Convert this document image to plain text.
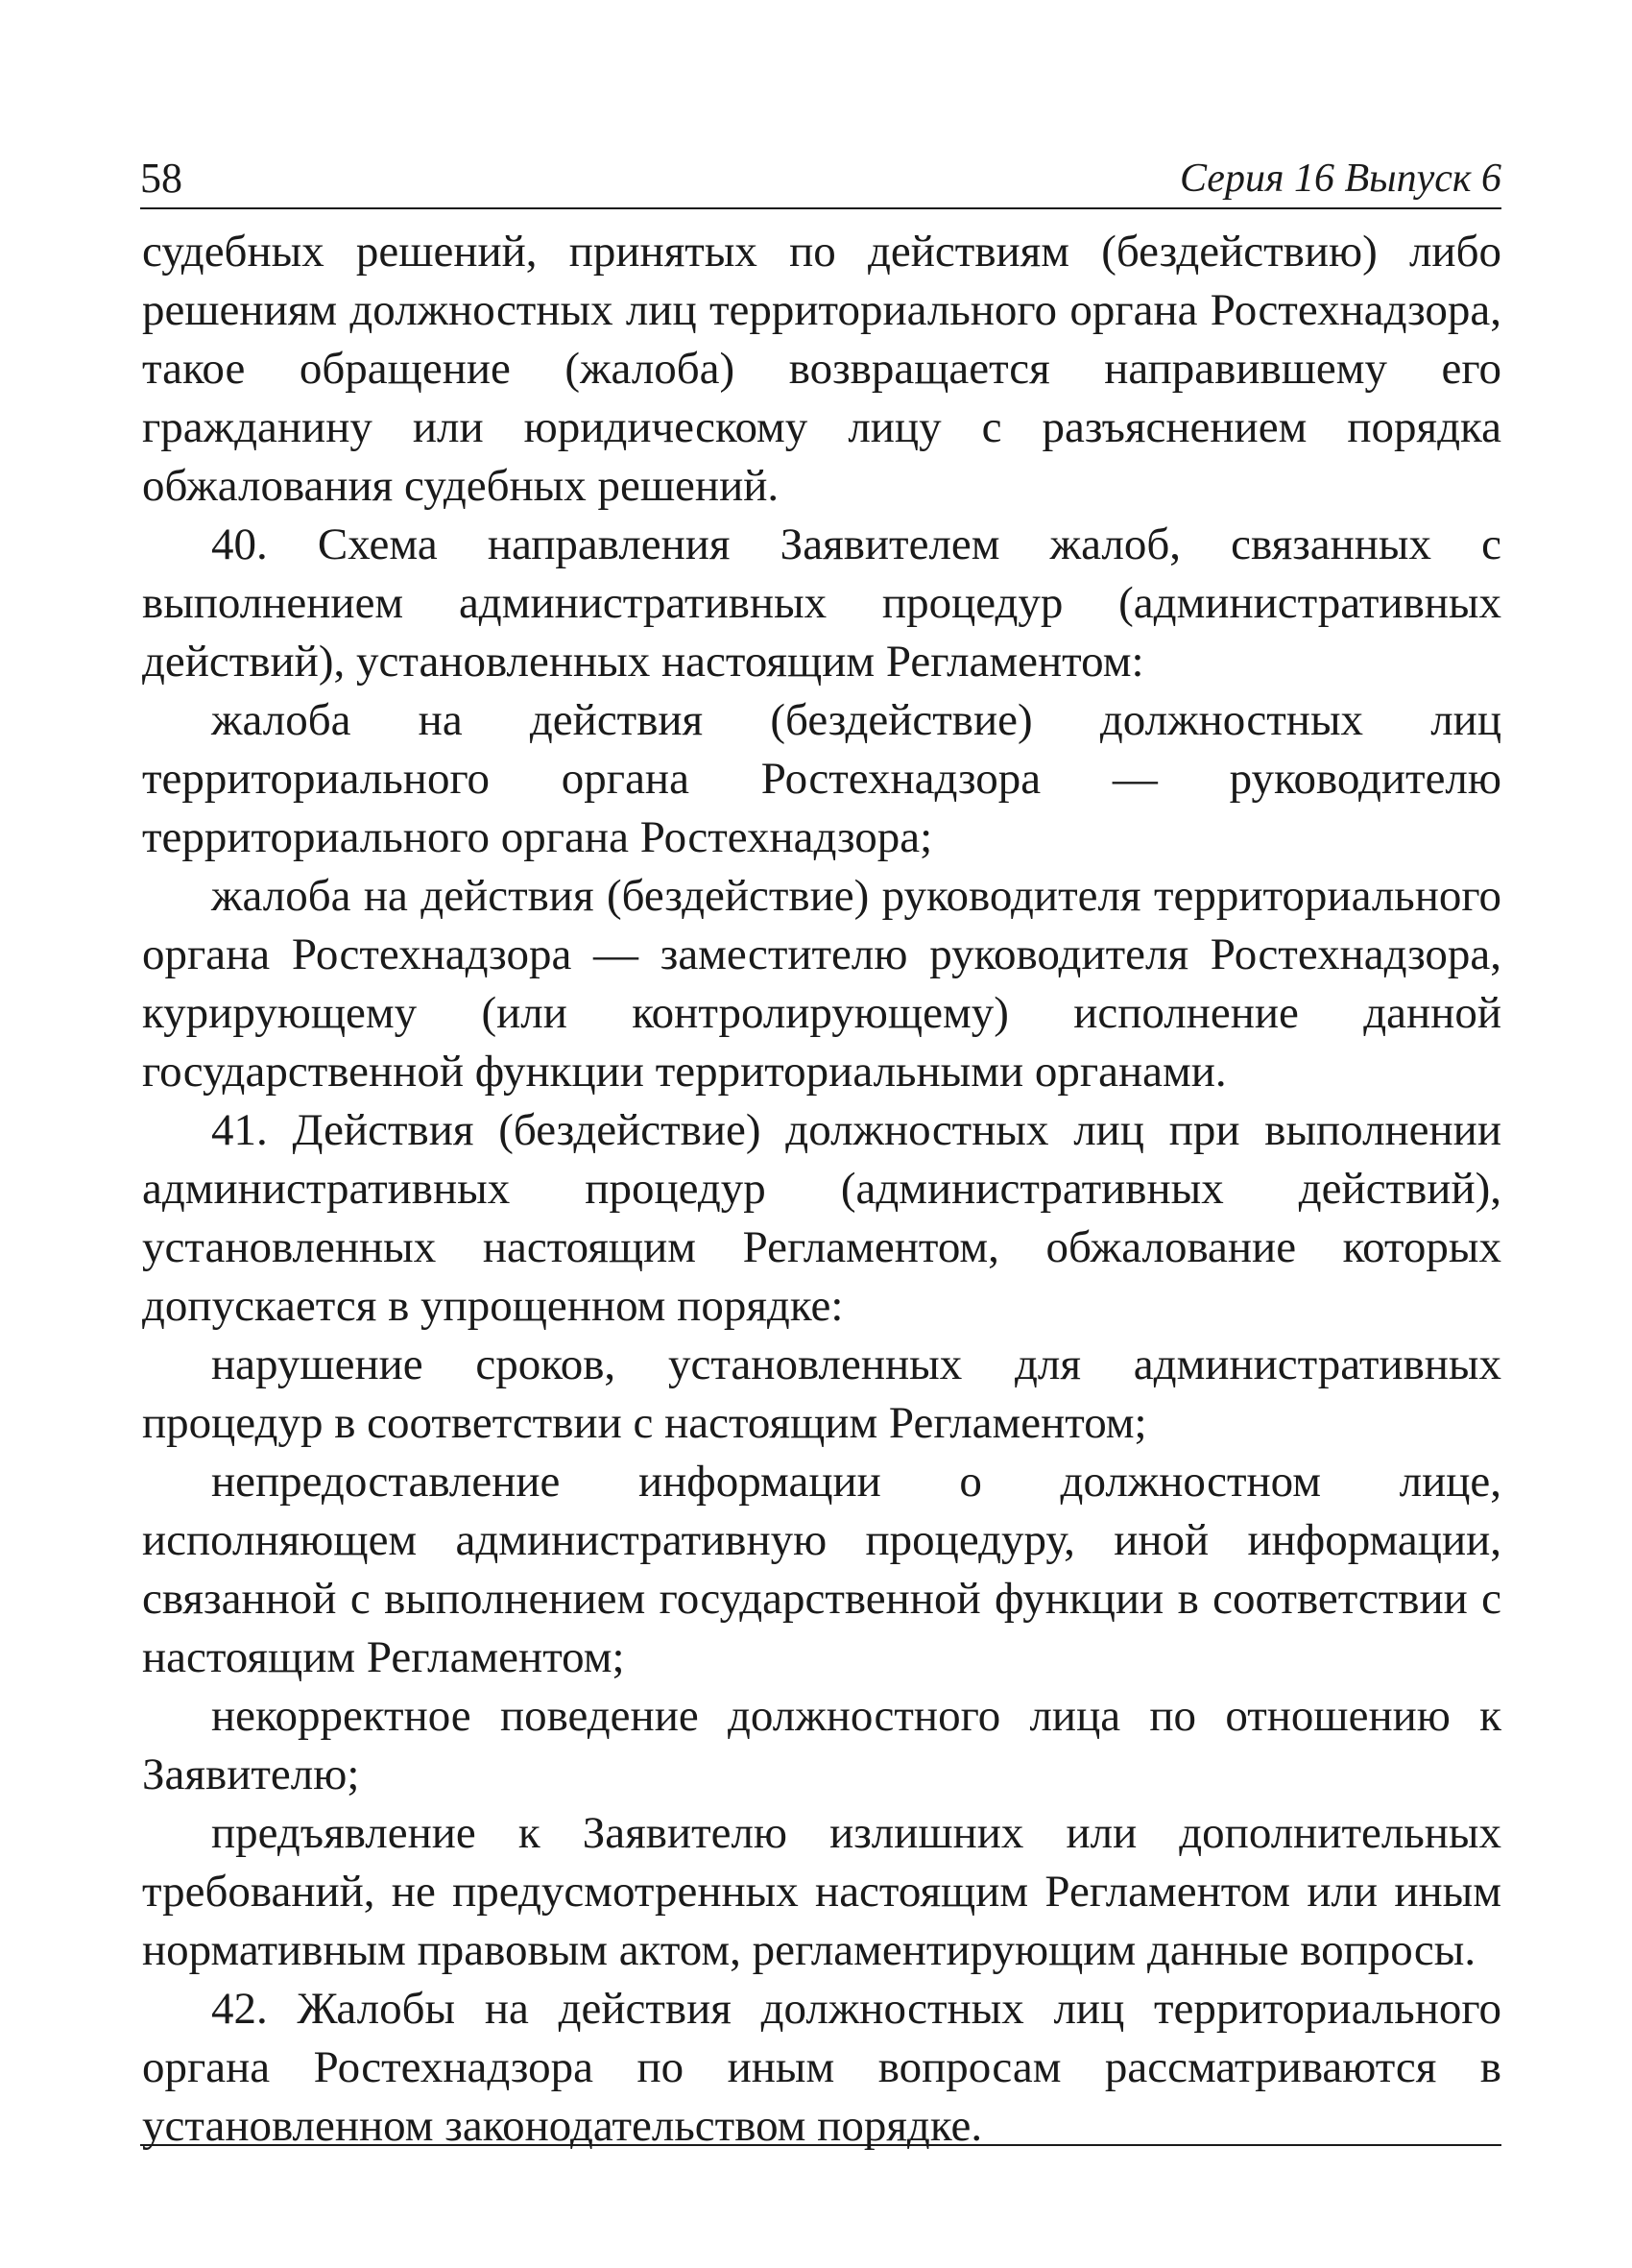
58	Серия 16 Выпуск 6

судебных решений, принятых по действиям (бездействию) либо решениям должностных лиц территориального органа Ростехнадзора, такое обращение (жалоба) возвращается направившему его гражданину или юридическому лицу с разъяснением порядка обжалования судебных решений.

40. Схема направления Заявителем жалоб, связанных с выполнением административных процедур (административных действий), установленных настоящим Регламентом:

жалоба на действия (бездействие) должностных лиц территориального органа Ростехнадзора — руководителю территориального органа Ростехнадзора;

жалоба на действия (бездействие) руководителя территориального органа Ростехнадзора — заместителю руководителя Ростехнадзора, курирующему (или контролирующему) исполнение данной государственной функции территориальными органами.

41. Действия (бездействие) должностных лиц при выполнении административных процедур (административных действий), установленных настоящим Регламентом, обжалование которых допускается в упрощенном порядке:

нарушение сроков, установленных для административных процедур в соответствии с настоящим Регламентом;

непредоставление информации о должностном лице, исполняющем административную процедуру, иной информации, связанной с выполнением государственной функции в соответствии с настоящим Регламентом;

некорректное поведение должностного лица по отношению к Заявителю;

предъявление к Заявителю излишних или дополнительных требований, не предусмотренных настоящим Регламентом или иным нормативным правовым актом, регламентирующим данные вопросы.

42. Жалобы на действия должностных лиц территориального органа Ростехнадзора по иным вопросам рассматриваются в установленном законодательством порядке.
